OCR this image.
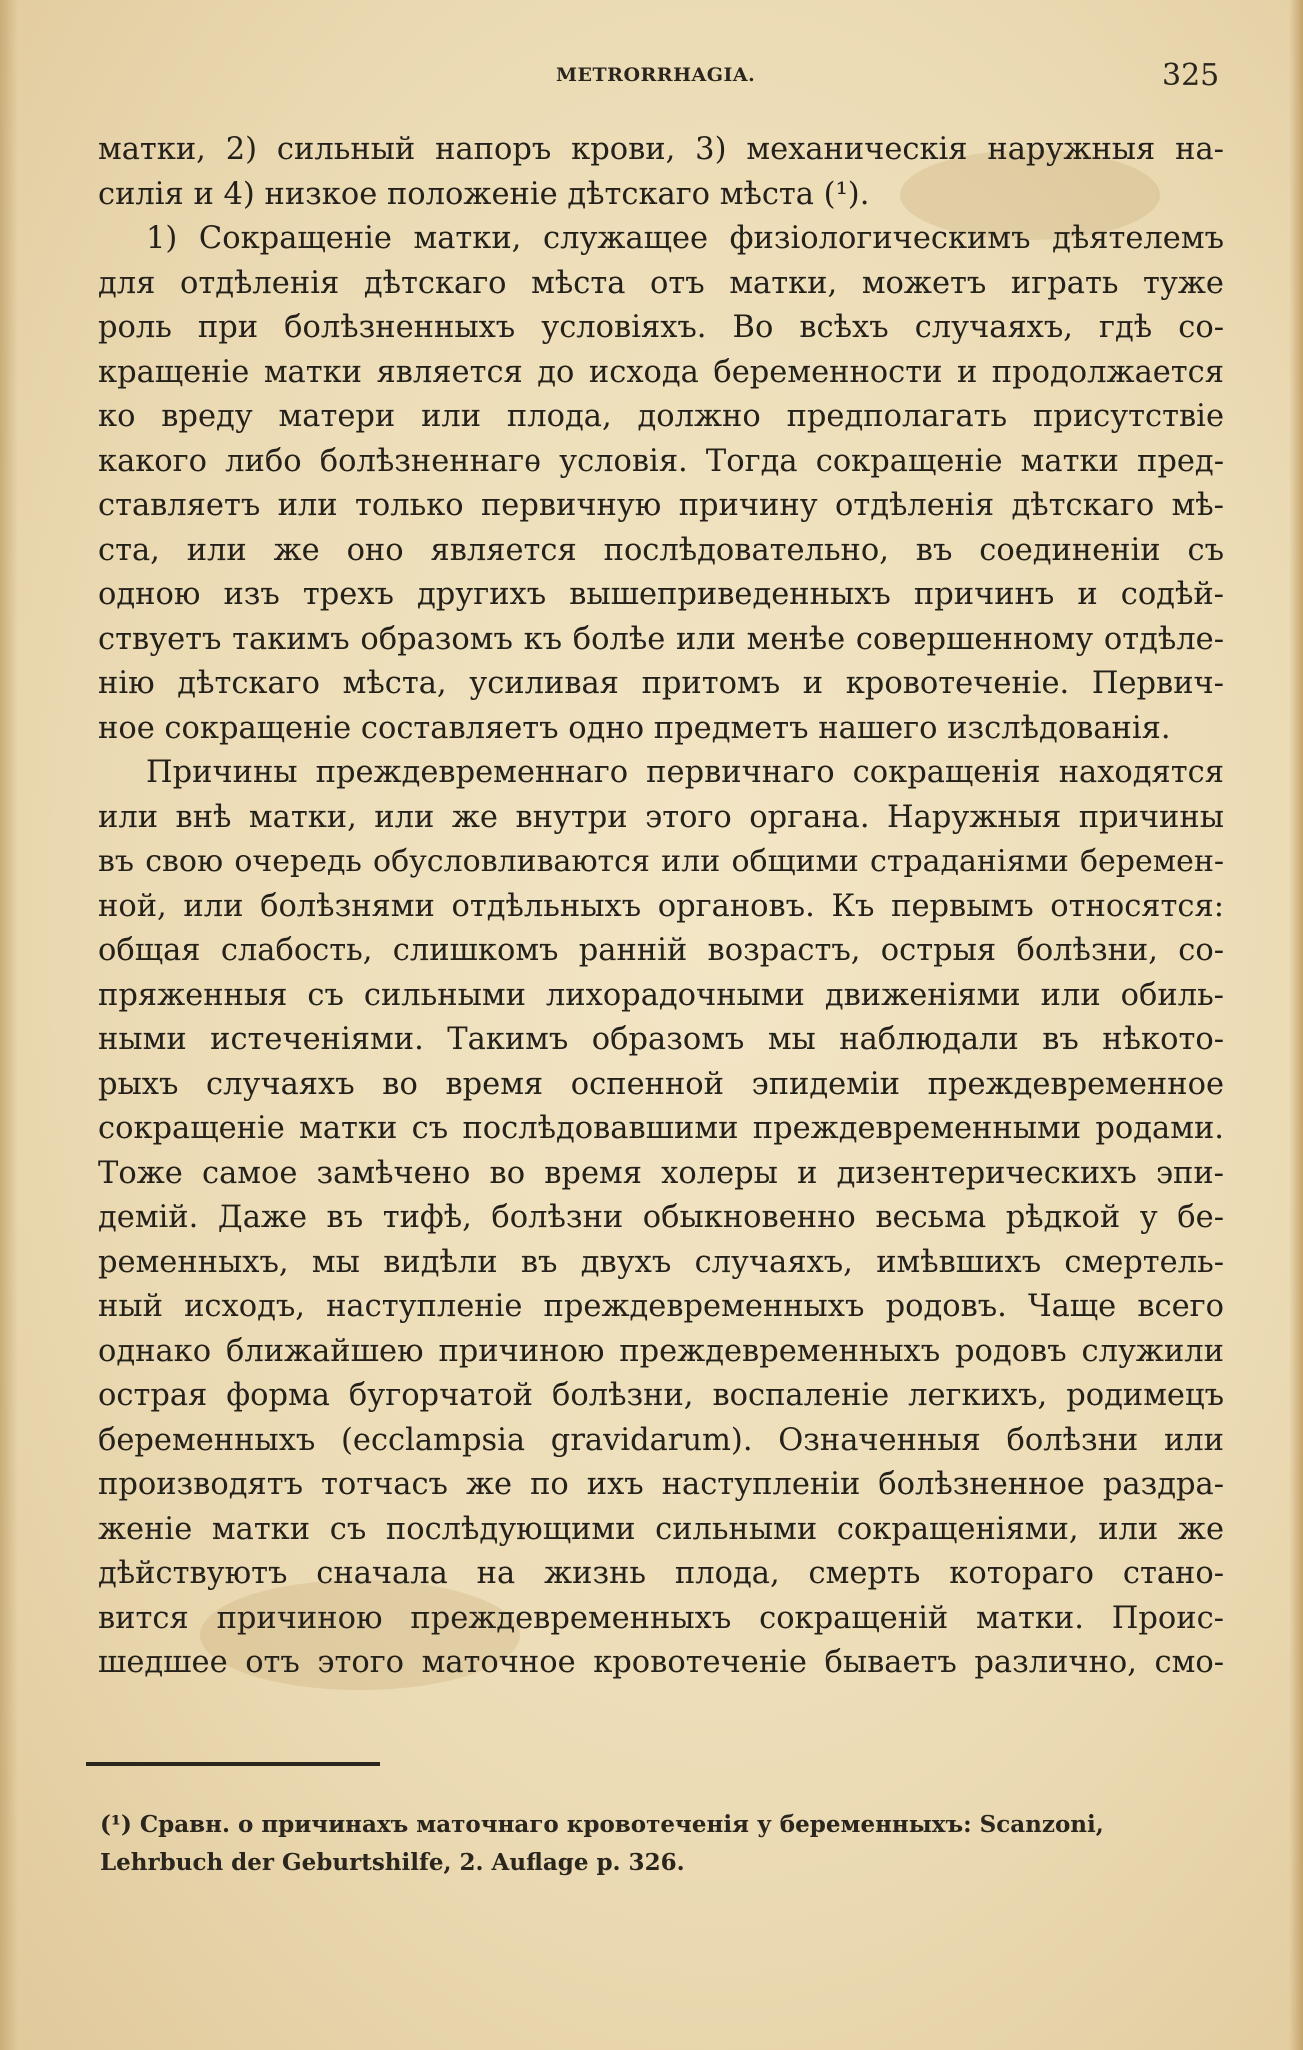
METRORRHAGIA.	325
матки, 2) сильный напоръ крови, 3) механическія наружныя на-
силія и 4) низкое положеніе дѣтскаго мѣста (¹).
1) Сокращеніе матки, служащее физіологическимъ дѣятелемъ
для отдѣленія дѣтскаго мѣста отъ матки, можетъ играть туже
роль при болѣзненныхъ условіяхъ. Во всѣхъ случаяхъ, гдѣ со-
кращеніе матки является до исхода беременности и продолжается
ко вреду матери или плода, должно предполагать присутствіе
какого либо болѣзненнагѳ условія. Тогда сокращеніе матки пред-
ставляетъ или только первичную причину отдѣленія дѣтскаго мѣ-
ста, или же оно является послѣдовательно, въ соединеніи съ
одною изъ трехъ другихъ вышеприведенныхъ причинъ и содѣй-
ствуетъ такимъ образомъ къ болѣе или менѣе совершенному отдѣле-
нію дѣтскаго мѣста, усиливая притомъ и кровотеченіе. Первич-
ное сокращеніе составляетъ одно предметъ нашего изслѣдованія.
Причины преждевременнаго первичнаго сокращенія находятся
или внѣ матки, или же внутри этого органа. Наружныя причины
въ свою очередь обусловливаются или общими страданіями беремен-
ной, или болѣзнями отдѣльныхъ органовъ. Къ первымъ относятся:
общая слабость, слишкомъ раннiй возрастъ, острыя болѣзни, со-
пряженныя съ сильными лихорадочными движеніями или обиль-
ными истеченіями. Такимъ образомъ мы наблюдали въ нѣкото-
рыхъ случаяхъ во время оспенной эпидеміи преждевременное
сокращеніе матки съ послѣдовавшими преждевременными родами.
Тоже самое замѣчено во время холеры и дизентерическихъ эпи-
демій. Даже въ тифѣ, болѣзни обыкновенно весьма рѣдкой у бе-
ременныхъ, мы видѣли въ двухъ случаяхъ, имѣвшихъ смертель-
ный исходъ, наступленіе преждевременныхъ родовъ. Чаще всего
однако ближайшею причиною преждевременныхъ родовъ служили
острая форма бугорчатой болѣзни, воспаленіе легкихъ, родимецъ
беременныхъ (ecclampsia gravidarum). Означенныя болѣзни или
производятъ тотчасъ же по ихъ наступленіи болѣзненное раздра-
женіе матки съ послѣдующими сильными сокращеніями, или же
дѣйствуютъ сначала на жизнь плода, смерть котораго стано-
вится причиною преждевременныхъ сокращеній матки. Проис-
шедшее отъ этого маточное кровотеченіе бываетъ различно, смо-
(¹) Сравн. о причинахъ маточнаго кровотеченія у беременныхъ: Scanzoni,
Lehrbuch der Geburtshilfe, 2. Auflage p. 326.
